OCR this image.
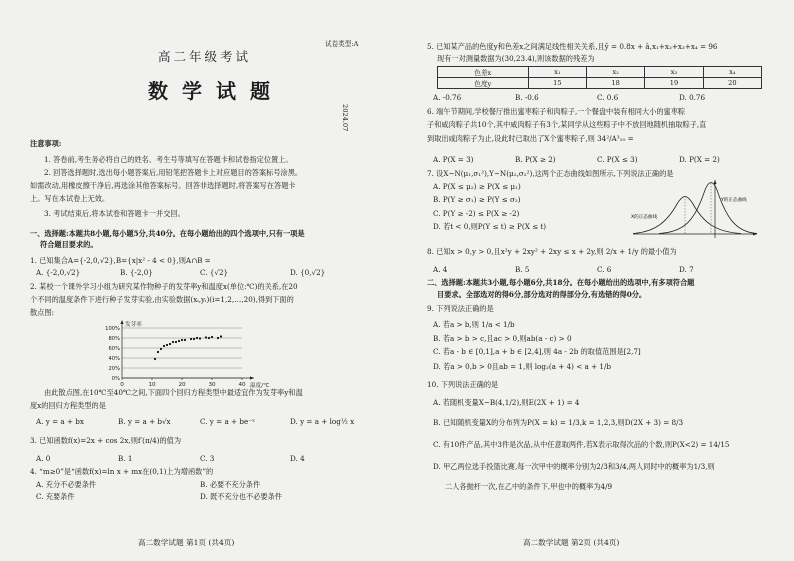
试卷类型:A
高二年级考试
数学试题
2024.07
注意事项:
1. 答卷前,考生务必将自己的姓名、考生号等填写在答题卡和试卷指定位置上。
2. 回答选择题时,选出每小题答案后,用铅笔把答题卡上对应题目的答案标号涂黑。
如需改动,用橡皮擦干净后,再选涂其他答案标号。回答非选择题时,将答案写在答题卡
上。写在本试卷上无效。
3. 考试结束后,将本试卷和答题卡一并交回。
一、选择题:本题共8小题,每小题5分,共40分。在每小题给出的四个选项中,只有一项是
符合题目要求的。
1. 已知集合A={-2,0,√2},B={x|x² - 4 < 0},则A∩B =
A. {-2,0,√2}	B. {-2,0}	C. {√2}	D. {0,√2}
2. 某校一个课外学习小组为研究某作物种子的发芽率y和温度x(单位:℃)的关系,在20
个不同的温度条件下进行种子发芽实验,由实验数据(xᵢ,yᵢ)(i=1,2,…,20),得到下面的
散点图:
0%
20%
40%
60%
80%
100%
0	10	20	30	40
发芽率
温度/℃
由此散点图,在10℃至40℃之间,下面四个回归方程类型中最适宜作为发芽率y和温
度x的回归方程类型的是
A. y = a + bx	B. y = a + b√x	C. y = a + be⁻ˣ	D. y = a + log½ x
3. 已知函数f(x)=2x + cos 2x,则f′(π/4)的值为
A. 0	B. 1	C. 3	D. 4
4. “m≥0”是“函数f(x)=ln x + mx在(0,1)上为增函数”的
A. 充分不必要条件	B. 必要不充分条件
C. 充要条件	D. 既不充分也不必要条件
高二数学试题 第1页 (共4页)
5. 已知某产品的色度y和色差x之间满足线性相关关系,且ŷ = 0.8x + â,x₁+x₂+x₃+x₄ = 96
现有一对测量数据为(30,23.4),则该数据的残差为
色差x	x₁	x₂	x₃	x₄
色度y	15	18	19	20
A. -0.76	B. -0.6	C. 0.6	D. 0.76
6. 端午节期间,学校餐厅推出蜜枣粽子和肉粽子,一个餐盘中装有相同大小的蜜枣粽
子和咸肉粽子共10个,其中咸肉粽子有3个,某同学从这些粽子中不放回地随机抽取粽子,直
到取出咸肉粽子为止,设此时已取出了X个蜜枣粽子,则 34²/A³₁₀ =
A. P(X = 3)	B. P(X ≥ 2)	C. P(X ≤ 3)	D. P(X = 2)
7. 设X~N(μ₁,σ₁²),Y~N(μ₂,σ₂²),这两个正态曲线如图所示,下列说法正确的是
A. P(X ≤ μ₂) ≥ P(X ≤ μ₁)
B. P(Y ≥ σ₁) ≥ P(Y ≤ σ₂)
C. P(Y ≥ -2) ≤ P(X ≥ -2)
D. 若t < 0,则P(Y ≤ t) ≥ P(X ≤ t)
X的正态曲线
Y的正态曲线
8. 已知x > 0,y > 0,且x²y + 2xy² + 2xy ≤ x + 2y,则 2/x + 1/y 的最小值为
A. 4	B. 5	C. 6	D. 7
二、选择题:本题共3小题,每小题6分,共18分。在每小题给出的选项中,有多项符合题
目要求。全部选对的得6分,部分选对的得部分分,有选错的得0分。
9. 下列说法正确的是
A. 若a > b,则 1/a < 1/b
B. 若a > b > c,且ac > 0,则ab(a - c) > 0
C. 若a - b ∈ [0,1],a + b ∈ [2,4],则 4a - 2b 的取值范围是[2,7]
D. 若a > 0,b > 0且ab = 1,则 log₂(a + 4) < a + 1/b
10. 下列说法正确的是
A. 若随机变量X~B(4,1/2),则E(2X + 1) = 4
B. 已知随机变量X的分布列为P(X = k) = 1/3,k = 1,2,3,则D(2X + 3) = 8/3
C. 有10件产品,其中3件是次品,从中任意取两件,若X表示取得次品的个数,则P(X<2) = 14/15
D. 甲乙两位选手投篮比赛,每一次甲中的概率分别为2/3和3/4,两人同时中的概率为1/3,则
二人各抛杆一次,在乙中的条件下,甲也中的概率为4/9
高二数学试题 第2页 (共4页)
